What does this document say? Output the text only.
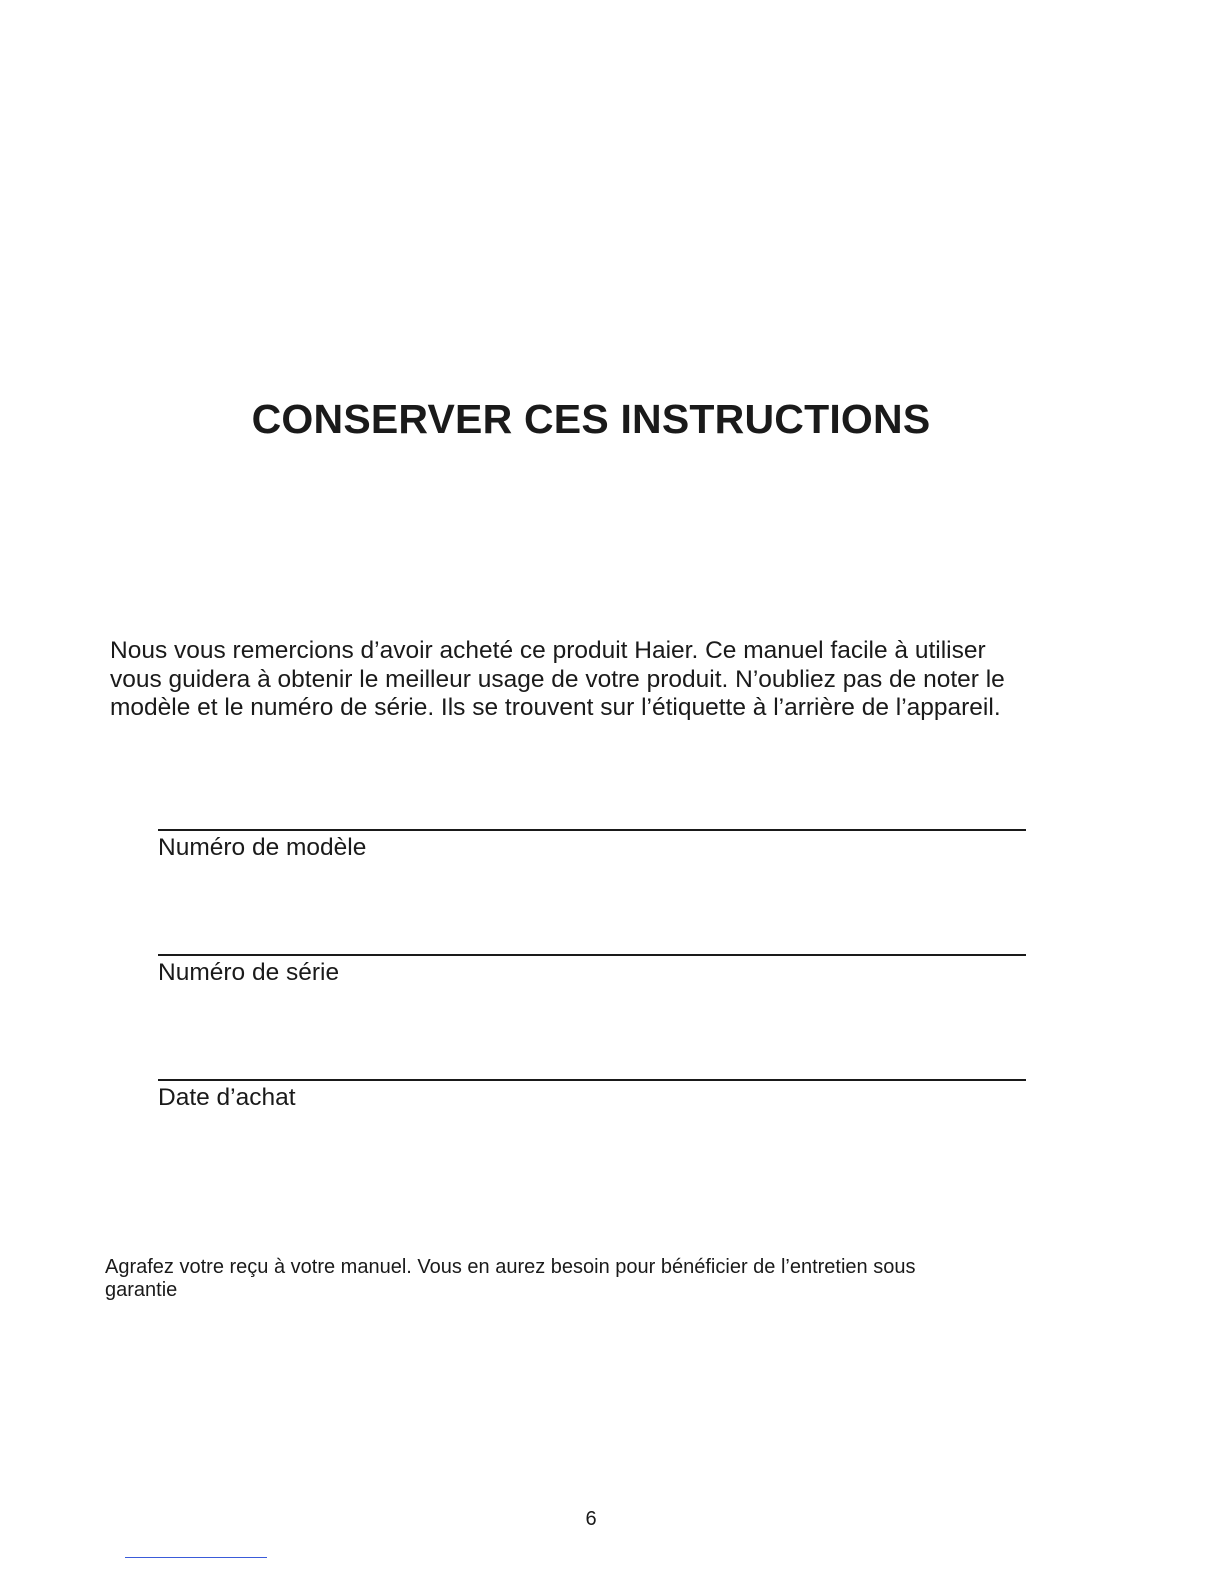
CONSERVER CES INSTRUCTIONS

Nous vous remercions d’avoir acheté ce produit Haier. Ce manuel facile à utiliser
vous guidera à obtenir le meilleur usage de votre produit. N’oubliez pas de noter le
modèle et le numéro de série. Ils se trouvent sur l’étiquette à l’arrière de l’appareil.

Numéro de modèle
Numéro de série
Date d’achat

Agrafez votre reçu à votre manuel. Vous en aurez besoin pour bénéficier de l’entretien sous
garantie

6
